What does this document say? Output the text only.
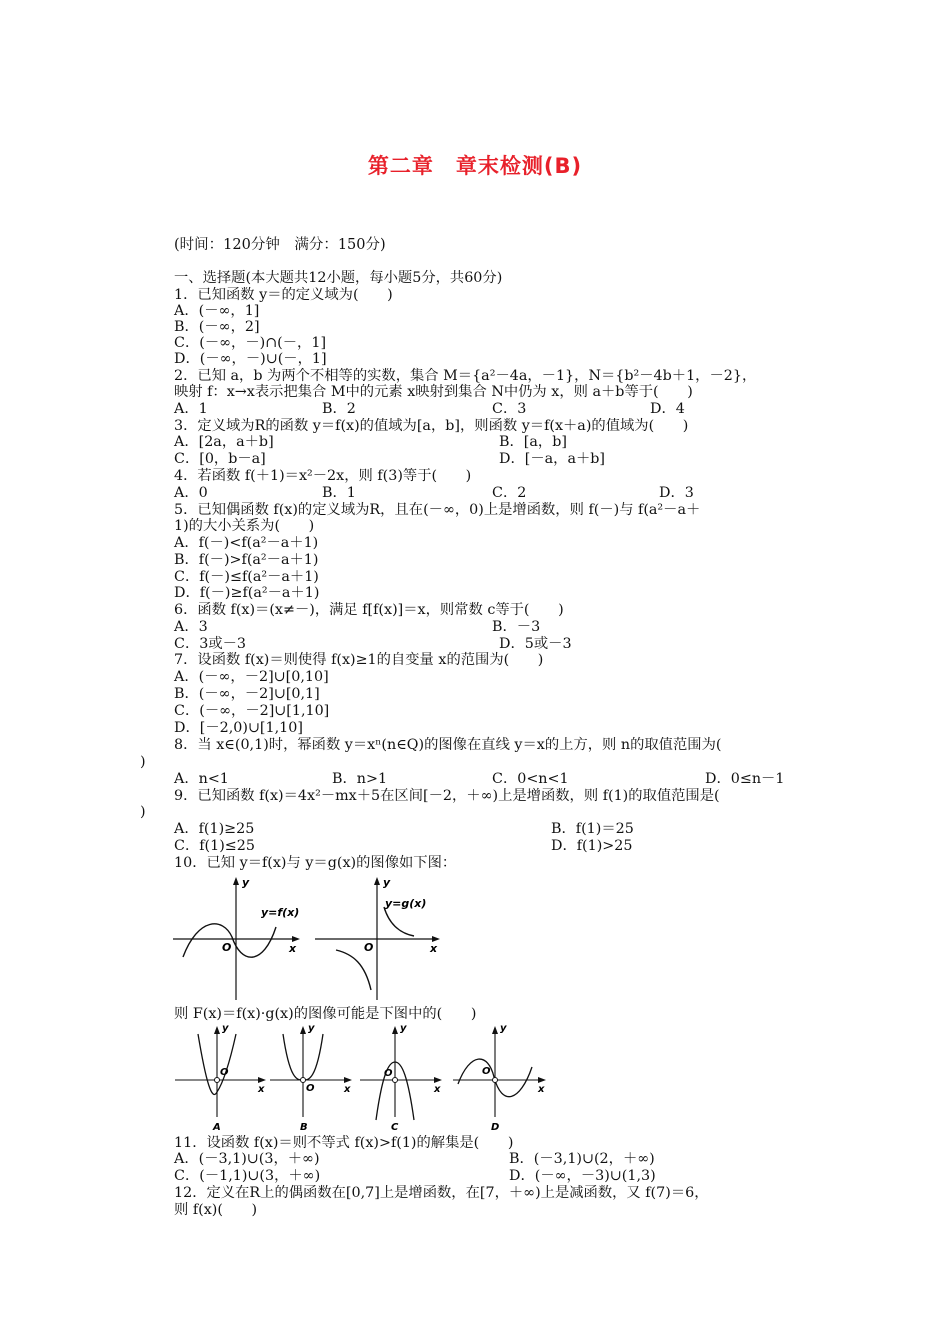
第二章　章末检测(B)
(时间：120分钟　满分：150分)
一、选择题(本大题共12小题，每小题5分，共60分)
1．已知函数 y＝的定义域为(　　)
A．(－∞，1]
B．(－∞，2]
C．(－∞，－)∩(－，1]
D．(－∞，－)∪(－，1]
2．已知 a，b 为两个不相等的实数，集合 M＝{a²－4a，－1}，N＝{b²－4b＋1，－2}，
映射 f：x→x表示把集合 M中的元素 x映射到集合 N中仍为 x，则 a＋b等于(　　)
A．1	B．2	C．3	D．4
3．定义域为R的函数 y＝f(x)的值域为[a，b]，则函数 y＝f(x＋a)的值域为(　　)
A．[2a，a＋b]	B．[a，b]
C．[0，b－a]	D．[－a，a＋b]
4．若函数 f(＋1)＝x²－2x，则 f(3)等于(　　)
A．0	B．1	C．2	D．3
5．已知偶函数 f(x)的定义域为R，且在(－∞，0)上是增函数，则 f(－)与 f(a²－a＋
1)的大小关系为(　　)
A．f(－)<f(a²－a＋1)
B．f(－)>f(a²－a＋1)
C．f(－)≤f(a²－a＋1)
D．f(－)≥f(a²－a＋1)
6．函数 f(x)＝(x≠－)，满足 f[f(x)]＝x，则常数 c等于(　　)
A．3	B．－3
C．3或－3	D．5或－3
7．设函数 f(x)＝则使得 f(x)≥1的自变量 x的范围为(　　)
A．(－∞，－2]∪[0,10]
B．(－∞，－2]∪[0,1]
C．(－∞，－2]∪[1,10]
D．[－2,0)∪[1,10]
8．当 x∈(0,1)时，幂函数 y＝xⁿ(n∈Q)的图像在直线 y＝x的上方，则 n的取值范围为(
)
A．n<1	B．n>1	C．0<n<1	D．0≤n－1
9．已知函数 f(x)＝4x²－mx＋5在区间[－2，＋∞)上是增函数，则 f(1)的取值范围是(
)
A．f(1)≥25	B．f(1)＝25
C．f(1)≤25	D．f(1)>25
10．已知 y＝f(x)与 y＝g(x)的图像如下图：
y=f(x)
O	x
y
y=g(x)
O	x
y
则 F(x)＝f(x)·g(x)的图像可能是下图中的(　　)
O
x
y
A
O	x
y
B
O
x
y
C
O
x
y
D
11．设函数 f(x)＝则不等式 f(x)>f(1)的解集是(　　)
A．(－3,1)∪(3，＋∞)	B．(－3,1)∪(2，＋∞)
C．(－1,1)∪(3，＋∞)	D．(－∞，－3)∪(1,3)
12．定义在R上的偶函数在[0,7]上是增函数，在[7，＋∞)上是减函数，又 f(7)＝6，
则 f(x)(　　)
